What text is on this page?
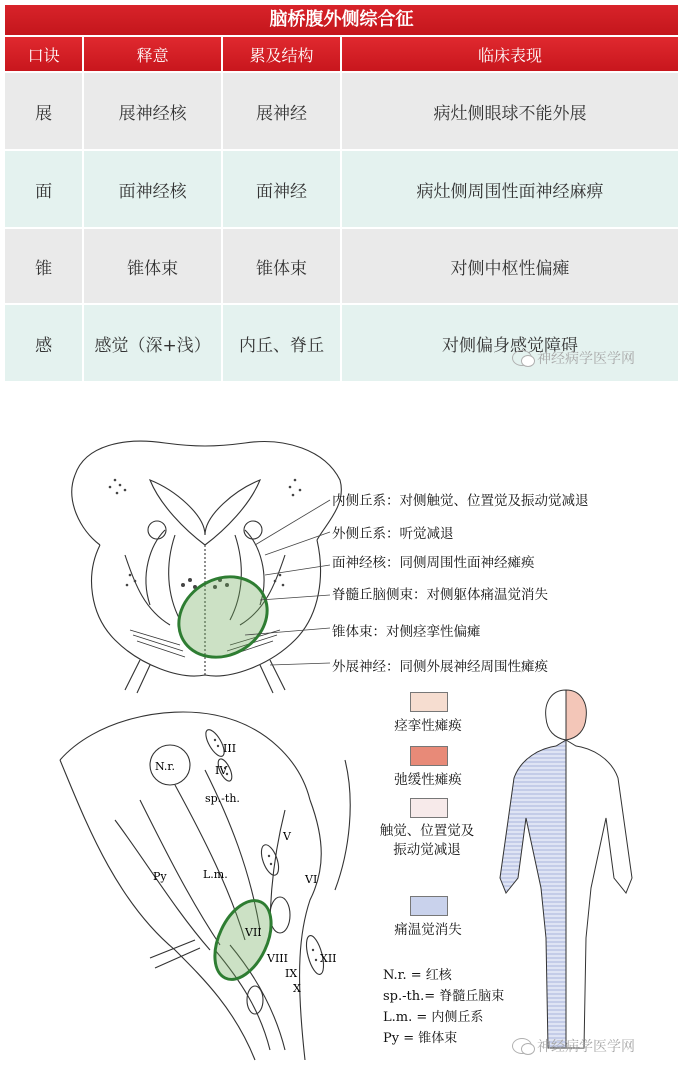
脑桥腹外侧综合征
口诀	释意	累及结构	临床表现
展	展神经核	展神经	病灶侧眼球不能外展
面	面神经核	面神经	病灶侧周围性面神经麻痹
锥	锥体束	锥体束	对侧中枢性偏瘫
感	感觉（深+浅）	内丘、脊丘	对侧偏身感觉障碍
神经病学医学网
内侧丘系：对侧触觉、位置觉及振动觉减退
外侧丘系：听觉减退
面神经核：同侧周围性面神经瘫痪
脊髓丘脑侧束：对侧躯体痛温觉消失
锥体束：对侧痉挛性偏瘫
外展神经：同侧外展神经周围性瘫痪
N.r.
III
IV
sp.-th.
V
L.m.
Py	VI
VII
VIII
IX
X
XII
痉挛性瘫痪
弛缓性瘫痪
触觉、位置觉及
振动觉减退
痛温觉消失
N.r. = 红核
sp.-th.= 脊髓丘脑束
L.m. = 内侧丘系
Py = 锥体束
神经病学医学网
